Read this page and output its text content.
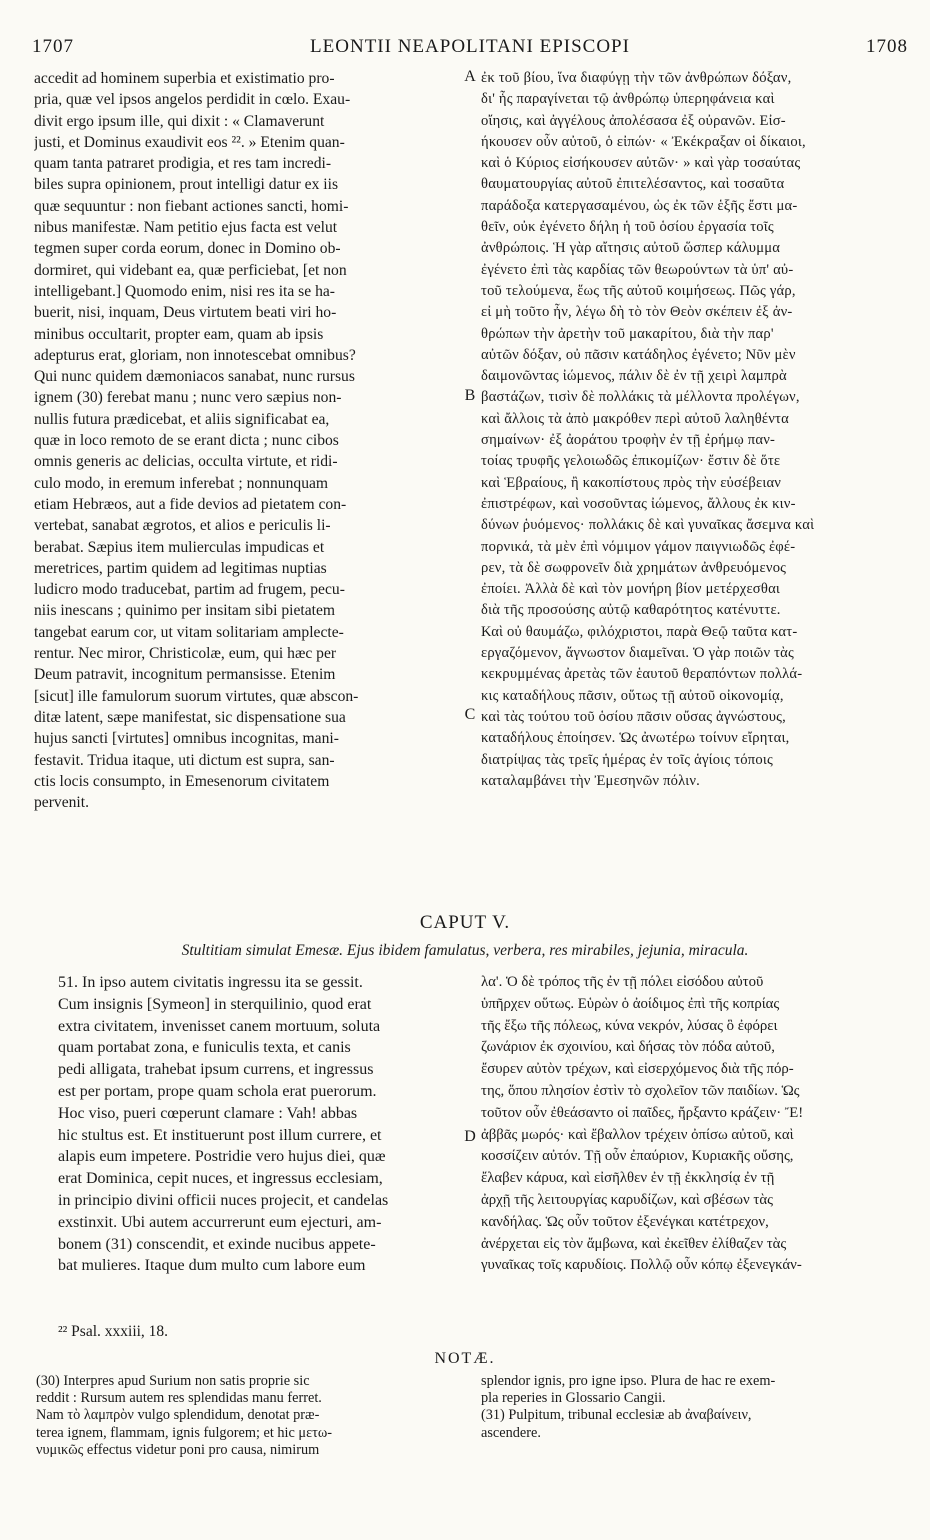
1707	LEONTII NEAPOLITANI EPISCOPI	1708
accedit ad hominem superbia et existimatio pro-
pria, quæ vel ipsos angelos perdidit in cœlo. Exau-
divit ergo ipsum ille, qui dixit : « Clamaverunt
justi, et Dominus exaudivit eos ²². » Etenim quan-
quam tanta patraret prodigia, et res tam incredi-
biles supra opinionem, prout intelligi datur ex iis
quæ sequuntur : non fiebant actiones sancti, homi-
nibus manifestæ. Nam petitio ejus facta est velut
tegmen super corda eorum, donec in Domino ob-
dormiret, qui videbant ea, quæ perficiebat, [et non
intelligebant.] Quomodo enim, nisi res ita se ha-
buerit, nisi, inquam, Deus virtutem beati viri ho-
minibus occultarit, propter eam, quam ab ipsis
adepturus erat, gloriam, non innotescebat omnibus?
Qui nunc quidem dæmoniacos sanabat, nunc rursus
ignem (30) ferebat manu ; nunc vero sæpius non-
nullis futura prædicebat, et aliis significabat ea,
quæ in loco remoto de se erant dicta ; nunc cibos
omnis generis ac delicias, occulta virtute, et ridi-
culo modo, in eremum inferebat ; nonnunquam
etiam Hebræos, aut a fide devios ad pietatem con-
vertebat, sanabat ægrotos, et alios e periculis li-
berabat. Sæpius item mulierculas impudicas et
meretrices, partim quidem ad legitimas nuptias
ludicro modo traducebat, partim ad frugem, pecu-
niis inescans ; quinimo per insitam sibi pietatem
tangebat earum cor, ut vitam solitariam amplecte-
rentur. Nec miror, Christicolæ, eum, qui hæc per
Deum patravit, incognitum permansisse. Etenim
[sicut] ille famulorum suorum virtutes, quæ abscon-
ditæ latent, sæpe manifestat, sic dispensatione sua
hujus sancti [virtutes] omnibus incognitas, mani-
festavit. Tridua itaque, uti dictum est supra, san-
ctis locis consumpto, in Emesenorum civitatem
pervenit.
ἐκ τοῦ βίου, ἵνα διαφύγῃ τὴν τῶν ἀνθρώπων δόξαν,
δι' ἧς παραγίνεται τῷ ἀνθρώπῳ ὑπερηφάνεια καὶ
οἴησις, καὶ ἀγγέλους ἀπολέσασα ἐξ οὐρανῶν. Εἰσ-
ήκουσεν οὖν αὐτοῦ, ὁ εἰπών· « Ἐκέκραξαν οἱ δίκαιοι,
καὶ ὁ Κύριος εἰσήκουσεν αὐτῶν· » καὶ γὰρ τοσαύτας
θαυματουργίας αὐτοῦ ἐπιτελέσαντος, καὶ τοσαῦτα
παράδοξα κατεργασαμένου, ὡς ἐκ τῶν ἑξῆς ἔστι μα-
θεῖν, οὐκ ἐγένετο δήλη ἡ τοῦ ὁσίου ἐργασία τοῖς
ἀνθρώποις. Ἡ γὰρ αἴτησις αὐτοῦ ὥσπερ κάλυμμα
ἐγένετο ἐπὶ τὰς καρδίας τῶν θεωρούντων τὰ ὑπ' αὐ-
τοῦ τελούμενα, ἕως τῆς αὐτοῦ κοιμήσεως. Πῶς γάρ,
εἰ μὴ τοῦτο ἦν, λέγω δὴ τὸ τὸν Θεὸν σκέπειν ἐξ ἀν-
θρώπων τὴν ἀρετὴν τοῦ μακαρίτου, διὰ τὴν παρ'
αὐτῶν δόξαν, οὐ πᾶσιν κατάδηλος ἐγένετο; Νῦν μὲν
δαιμονῶντας ἰώμενος, πάλιν δὲ ἐν τῇ χειρὶ λαμπρὰ
βαστάζων, τισὶν δὲ πολλάκις τὰ μέλλοντα προλέγων,
καὶ ἄλλοις τὰ ἀπὸ μακρόθεν περὶ αὐτοῦ λαληθέντα
σημαίνων· ἐξ ἀοράτου τροφὴν ἐν τῇ ἐρήμῳ παν-
τοίας τρυφῆς γελοιωδῶς ἐπικομίζων· ἔστιν δὲ ὅτε
καὶ Ἑβραίους, ἢ κακοπίστους πρὸς τὴν εὐσέβειαν
ἐπιστρέφων, καὶ νοσοῦντας ἰώμενος, ἄλλους ἐκ κιν-
δύνων ῥυόμενος· πολλάκις δὲ καὶ γυναῖκας ἄσεμνα καὶ
πορνικά, τὰ μὲν ἐπὶ νόμιμον γάμον παιγνιωδῶς ἐφέ-
ρεν, τὰ δὲ σωφρονεῖν διὰ χρημάτων ἀνθρευόμενος
ἐποίει. Ἀλλὰ δὲ καὶ τὸν μονήρη βίον μετέρχεσθαι
διὰ τῆς προσούσης αὐτῷ καθαρότητος κατένυττε.
Καὶ οὐ θαυμάζω, φιλόχριστοι, παρὰ Θεῷ ταῦτα κατ-
εργαζόμενον, ἄγνωστον διαμεῖναι. Ὁ γὰρ ποιῶν τὰς
κεκρυμμένας ἀρετὰς τῶν ἑαυτοῦ θεραπόντων πολλά-
κις καταδήλους πᾶσιν, οὕτως τῇ αὐτοῦ οἰκονομίᾳ,
καὶ τὰς τούτου τοῦ ὁσίου πᾶσιν οὔσας ἀγνώστους,
καταδήλους ἐποίησεν. Ὡς ἀνωτέρω τοίνυν εἴρηται,
διατρίψας τὰς τρεῖς ἡμέρας ἐν τοῖς ἁγίοις τόποις
καταλαμβάνει τὴν Ἐμεσηνῶν πόλιν.
A
B
C
D
CAPUT V.
Stultitiam simulat Emesæ. Ejus ibidem famulatus, verbera, res mirabiles, jejunia, miracula.
51. In ipso autem civitatis ingressu ita se gessit.
Cum insignis [Symeon] in sterquilinio, quod erat
extra civitatem, invenisset canem mortuum, soluta
quam portabat zona, e funiculis texta, et canis
pedi alligata, trahebat ipsum currens, et ingressus
est per portam, prope quam schola erat puerorum.
Hoc viso, pueri cœperunt clamare : Vah! abbas
hic stultus est. Et instituerunt post illum currere, et
alapis eum impetere. Postridie vero hujus diei, quæ
erat Dominica, cepit nuces, et ingressus ecclesiam,
in principio divini officii nuces projecit, et candelas
exstinxit. Ubi autem accurrerunt eum ejecturi, am-
bonem (31) conscendit, et exinde nucibus appete-
bat mulieres. Itaque dum multo cum labore eum
λα'. Ὁ δὲ τρόπος τῆς ἐν τῇ πόλει εἰσόδου αὐτοῦ
ὑπῆρχεν οὕτως. Εὑρὼν ὁ ἀοίδιμος ἐπὶ τῆς κοπρίας
τῆς ἔξω τῆς πόλεως, κύνα νεκρόν, λύσας ὃ ἐφόρει
ζωνάριον ἐκ σχοινίου, καὶ δήσας τὸν πόδα αὐτοῦ,
ἔσυρεν αὐτὸν τρέχων, καὶ εἰσερχόμενος διὰ τῆς πόρ-
της, ὅπου πλησίον ἐστὶν τὸ σχολεῖον τῶν παιδίων. Ὡς
τοῦτον οὖν ἐθεάσαντο οἱ παῖδες, ἤρξαντο κράζειν· Ἔ!
ἀββᾶς μωρός· καὶ ἔβαλλον τρέχειν ὀπίσω αὐτοῦ, καὶ
κοσσίζειν αὐτόν. Τῇ οὖν ἐπαύριον, Κυριακῆς οὔσης,
ἔλαβεν κάρυα, καὶ εἰσῆλθεν ἐν τῇ ἐκκλησίᾳ ἐν τῇ
ἀρχῇ τῆς λειτουργίας καρυδίζων, καὶ σβέσων τὰς
κανδήλας. Ὡς οὖν τοῦτον ἐξενέγκαι κατέτρεχον,
ἀνέρχεται εἰς τὸν ἄμβωνα, καὶ ἐκεῖθεν ἐλίθαζεν τὰς
γυναῖκας τοῖς καρυδίοις. Πολλῷ οὖν κόπῳ ἐξενεγκάν-
²² Psal. xxxiii, 18.
NOTÆ.
(30) Interpres apud Surium non satis proprie sic
reddit : Rursum autem res splendidas manu ferret.
Nam τὸ λαμπρὸν vulgo splendidum, denotat præ-
terea ignem, flammam, ignis fulgorem; et hic μετω-
νυμικῶς effectus videtur poni pro causa, nimirum
splendor ignis, pro igne ipso. Plura de hac re exem-
pla reperies in Glossario Cangii.
(31) Pulpitum, tribunal ecclesiæ ab ἀναβαίνειν,
ascendere.
